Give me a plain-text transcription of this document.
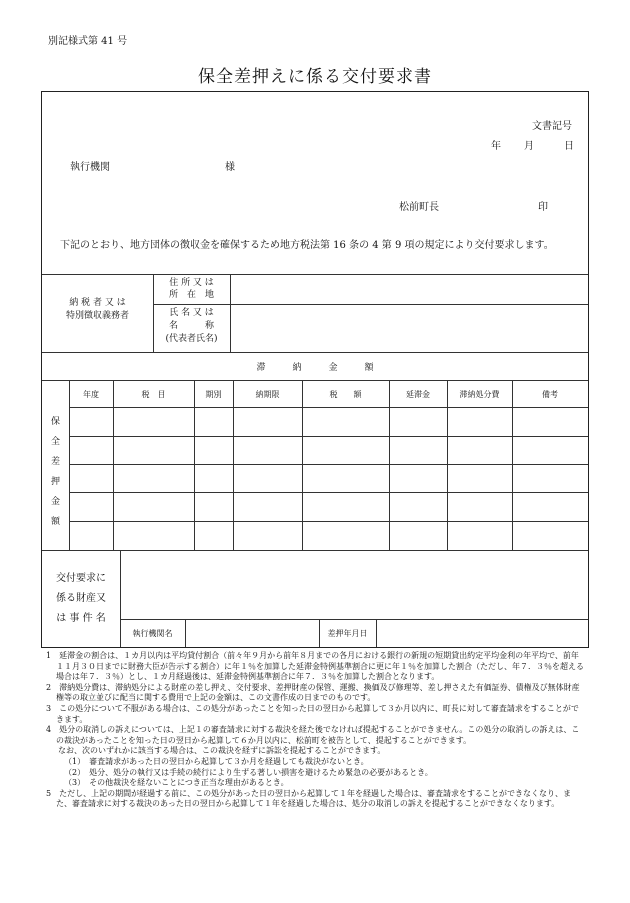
別記様式第 41 号
保全差押えに係る交付要求書
文書記号
年 月	日
執行機関	様
松前町長	印
下記のとおり、地方団体の徴収金を確保するため地方税法第 16 条の 4 第 9 項の規定により交付要求します。
納 税 者 又 は
特別徴収義務者
住 所 又 は
所　在　地
氏 名 又 は
名　　　称
(代表者氏名)
滞　　　納　　　金　　　額
年度	税　目	期別	納期限	税　　額	延滞金	滞納処分費	備考
保
全
差
押
金
額
交付要求に
係る財産又
は 事 件 名
執行機関名	差押年月日

1　延滞金の割合は、１カ月以内は平均貸付割合（前々年９月から前年８月までの各月における銀行の新規の短期貸出約定平均金利の年平均で、前年１１月３０日までに財務大臣が告示する割合）に年１％を加算した延滞金特例基準割合に更に年１％を加算した割合（ただし、年７．３％を超える場合は年７．３％）とし、１カ月経過後は、延滞金特例基準割合に年７．３％を加算した割合となります。

2　滞納処分費は、滞納処分による財産の差し押え、交付要求、差押財産の保管、運搬、換価及び修理等、差し押さえた有価証券、債権及び無体財産権等の取立並びに配当に関する費用で上記の金額は、この文書作成の日までのものです。

3　この処分について不服がある場合は、この処分があったことを知った日の翌日から起算して３か月以内に、町長に対して審査請求をすることができます。

4　処分の取消しの訴えについては、上記１の審査請求に対する裁決を経た後でなければ提起することができません。この処分の取消しの訴えは、この裁決があったことを知った日の翌日から起算して６か月以内に、松前町を被告として、提起することができます。

なお、次のいずれかに該当する場合は、この裁決を経ずに訴訟を提起することができます。

（1）　審査請求があった日の翌日から起算して３か月を経過しても裁決がないとき。

（2）　処分、処分の執行又は手続の続行により生ずる著しい損害を避けるため緊急の必要があるとき。

（3）　その他裁決を経ないことにつき正当な理由があるとき。

5　ただし、上記の期間が経過する前に、この処分があった日の翌日から起算して１年を経過した場合は、審査請求をすることができなくなり、また、審査請求に対する裁決のあった日の翌日から起算して１年を経過した場合は、処分の取消しの訴えを提起することができなくなります。
